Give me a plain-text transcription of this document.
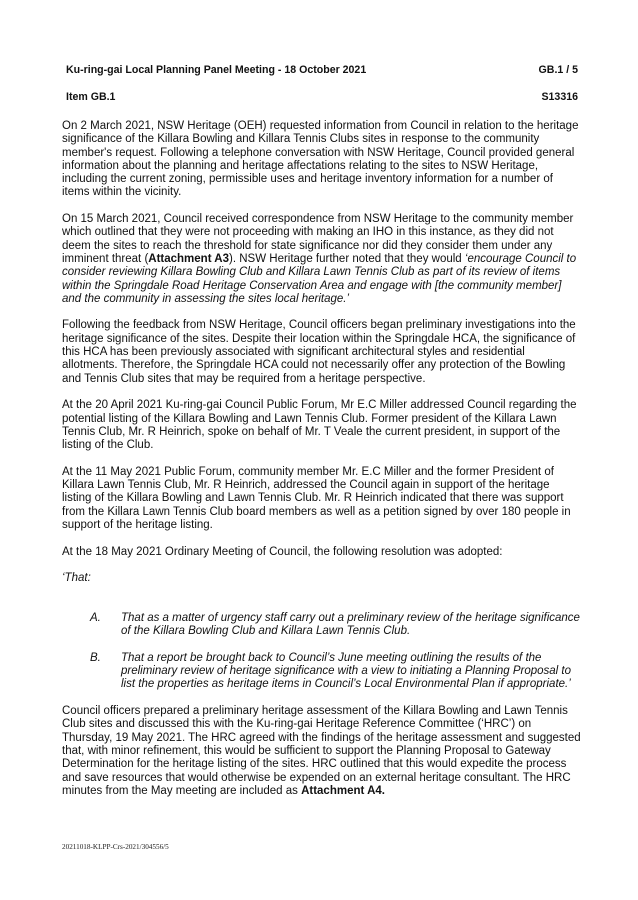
Ku-ring-gai Local Planning Panel Meeting - 18 October 2021	GB.1 / 5
Item GB.1	S13316

On 2 March 2021, NSW Heritage (OEH) requested information from Council in relation to the heritage significance of the Killara Bowling and Killara Tennis Clubs sites in response to the community member's request. Following a telephone conversation with NSW Heritage, Council provided general information about the planning and heritage affectations relating to the sites to NSW Heritage, including the current zoning, permissible uses and heritage inventory information for a number of items within the vicinity.

On 15 March 2021, Council received correspondence from NSW Heritage to the community member which outlined that they were not proceeding with making an IHO in this instance, as they did not deem the sites to reach the threshold for state significance nor did they consider them under any imminent threat (Attachment A3). NSW Heritage further noted that they would ‘encourage Council to consider reviewing Killara Bowling Club and Killara Lawn Tennis Club as part of its review of items within the Springdale Road Heritage Conservation Area and engage with [the community member] and the community in assessing the sites local heritage.’

Following the feedback from NSW Heritage, Council officers began preliminary investigations into the heritage significance of the sites. Despite their location within the Springdale HCA, the significance of this HCA has been previously associated with significant architectural styles and residential allotments. Therefore, the Springdale HCA could not necessarily offer any protection of the Bowling and Tennis Club sites that may be required from a heritage perspective.

At the 20 April 2021 Ku-ring-gai Council Public Forum, Mr E.C Miller addressed Council regarding the potential listing of the Killara Bowling and Lawn Tennis Club. Former president of the Killara Lawn Tennis Club, Mr. R Heinrich, spoke on behalf of Mr. T Veale the current president, in support of the listing of the Club.

At the 11 May 2021 Public Forum, community member Mr. E.C Miller and the former President of Killara Lawn Tennis Club, Mr. R Heinrich, addressed the Council again in support of the heritage listing of the Killara Bowling and Lawn Tennis Club. Mr. R Heinrich indicated that there was support from the Killara Lawn Tennis Club board members as well as a petition signed by over 180 people in support of the heritage listing.

At the 18 May 2021 Ordinary Meeting of Council, the following resolution was adopted:

‘That:

A.	That as a matter of urgency staff carry out a preliminary review of the heritage significance of the Killara Bowling Club and Killara Lawn Tennis Club.
B.	That a report be brought back to Council’s June meeting outlining the results of the preliminary review of heritage significance with a view to initiating a Planning Proposal to list the properties as heritage items in Council’s Local Environmental Plan if appropriate.’

Council officers prepared a preliminary heritage assessment of the Killara Bowling and Lawn Tennis Club sites and discussed this with the Ku-ring-gai Heritage Reference Committee (‘HRC’) on Thursday, 19 May 2021. The HRC agreed with the findings of the heritage assessment and suggested that, with minor refinement, this would be sufficient to support the Planning Proposal to Gateway Determination for the heritage listing of the sites. HRC outlined that this would expedite the process and save resources that would otherwise be expended on an external heritage consultant. The HRC minutes from the May meeting are included as Attachment A4.

20211018-KLPP-Crs-2021/304556/5
